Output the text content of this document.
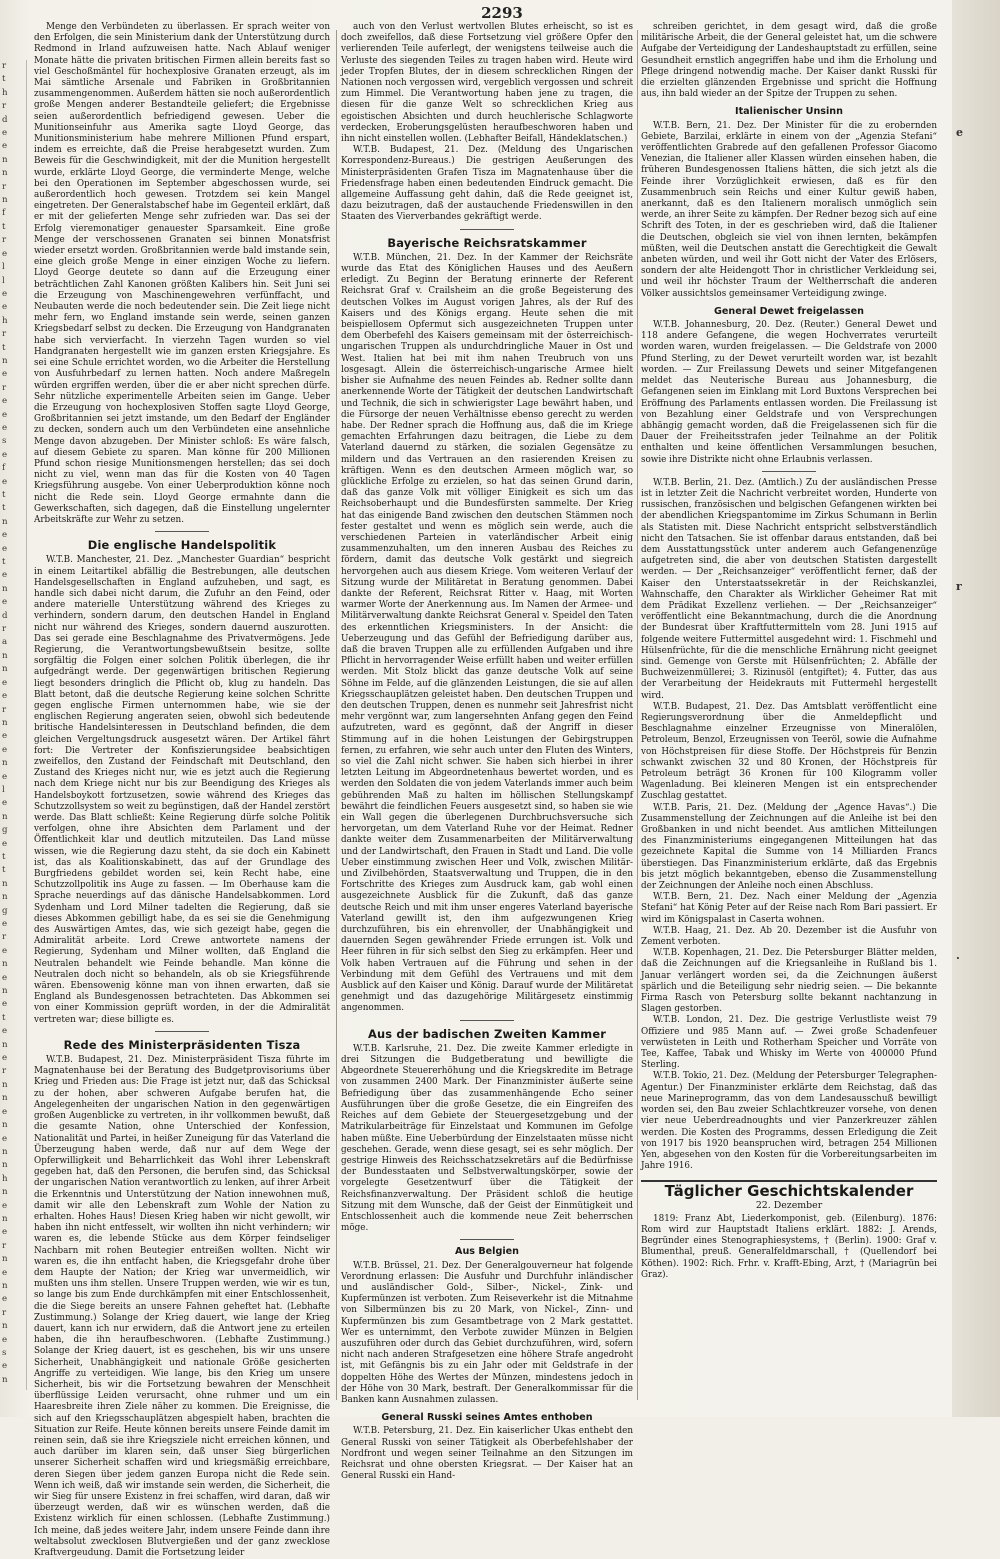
r
t
h
r
d
e
e
n
n
r
n
f
t
r
e
l
l
e
e
h
r
t
n
e
r
e
e
e
s
e
f
e
t
t
n
e
e
t
e
n
e
d
r
a
n
n
e
e
r
n
e
e
n
e
l
e
n
g
e
t
t
n
n
g
e
r
e
n
e
n
e
t
e
n
e
r
n
n
e
n
e
n
n
h
n
e
n
e
r
n
e
n
e
r
n
e
s
e
n
2293

Menge den Verbündeten zu überlassen. Er sprach weiter von den Erfolgen, die sein Ministerium dank der Unterstützung durch Redmond in Irland aufzuweisen hatte. Nach Ablauf weniger Monate hätte die privaten britischen Firmen allein bereits fast so viel Geschoßmäntel für hochexplosive Granaten erzeugt, als im Mai sämtliche Arsenale und Fabriken in Großbritannien zusammengenommen. Außerdem hätten sie noch außerordentlich große Mengen anderer Bestandteile geliefert; die Ergebnisse seien außerordentlich befriedigend gewesen. Ueber die Munitionseinfuhr aus Amerika sagte Lloyd George, das Munitionsministerium habe mehrere Millionen Pfund erspart, indem es erreichte, daß die Preise herabgesetzt wurden. Zum Beweis für die Geschwindigkeit, mit der die Munition hergestellt wurde, erklärte Lloyd George, die verminderte Menge, welche bei den Operationen im September abgeschossen wurde, sei außerordentlich hoch gewesen. Trotzdem sei kein Mangel eingetreten. Der Generalstabschef habe im Gegenteil erklärt, daß er mit der gelieferten Menge sehr zufrieden war. Das sei der Erfolg vieremonatiger genauester Sparsamkeit. Eine große Menge der verschossenen Granaten sei binnen Monatsfrist wieder ersetzt worden. Großbritannien werde bald imstande sein, eine gleich große Menge in einer einzigen Woche zu liefern. Lloyd George deutete so dann auf die Erzeugung einer beträchtlichen Zahl Kanonen größten Kalibers hin. Seit Juni sei die Erzeugung von Maschinengewehren verfünffacht, und Neubauten werde die noch bedeutender sein. Die Zeit liege nicht mehr fern, wo England imstande sein werde, seinen ganzen Kriegsbedarf selbst zu decken. Die Erzeugung von Handgranaten habe sich vervierfacht. In vierzehn Tagen wurden so viel Handgranaten hergestellt wie im ganzen ersten Kriegsjahre. Es sei eine Schule errichtet worden, wo die Arbeiter die Herstellung von Ausfuhrbedarf zu lernen hatten. Noch andere Maßregeln würden ergriffen werden, über die er aber nicht sprechen dürfe. Sehr nützliche experimentelle Arbeiten seien im Gange. Ueber die Erzeugung von hochexplosiven Stoffen sagte Lloyd George, Großbritannien sei jetzt imstande, um den Bedarf der Engländer zu decken, sondern auch um den Verbündeten eine ansehnliche Menge davon abzugeben. Der Minister schloß: Es wäre falsch, auf diesem Gebiete zu sparen. Man könne für 200 Millionen Pfund schon riesige Munitionsmengen herstellen; das sei doch nicht zu viel, wenn man das für die Kosten von 40 Tagen Kriegsführung ausgebe. Von einer Ueberproduktion könne noch nicht die Rede sein. Lloyd George ermahnte dann die Gewerkschaften, sich dagegen, daß die Einstellung ungelernter Arbeitskräfte zur Wehr zu setzen.

Die englische Handelspolitik

W.T.B. Manchester, 21. Dez. „Manchester Guardian“ bespricht in einem Leitartikel abfällig die Bestrebungen, alle deutschen Handelsgesellschaften in England aufzuheben, und sagt, es handle sich dabei nicht darum, die Zufuhr an den Feind, oder andere materielle Unterstützung während des Krieges zu verhindern, sondern darum, den deutschen Handel in England nicht nur während des Krieges, sondern dauernd auszurotten. Das sei gerade eine Beschlagnahme des Privatvermögens. Jede Regierung, die Verantwortungsbewußtsein besitze, sollte sorgfältig die Folgen einer solchen Politik überlegen, die ihr aufgedrängt werde. Der gegenwärtigen britischen Regierung liegt besonders dringlich die Pflicht ob, klug zu handeln. Das Blatt betont, daß die deutsche Regierung keine solchen Schritte gegen englische Firmen unternommen habe, wie sie der englischen Regierung angeraten seien, obwohl sich bedeutende britische Handelsinteressen in Deutschland befinden, die dem gleichen Vergeltungsdruck ausgesetzt wären. Der Artikel fährt fort: Die Vertreter der Konfiszierungsidee beabsichtigen zweifellos, den Zustand der Feindschaft mit Deutschland, den Zustand des Krieges nicht nur, wie es jetzt auch die Regierung nach dem Kriege nicht nur bis zur Beendigung des Krieges als Handelsboykott fortzusetzen, sowie während des Krieges das Schutzzollsystem so weit zu begünstigen, daß der Handel zerstört werde. Das Blatt schließt: Keine Regierung dürfe solche Politik verfolgen, ohne ihre Absichten dem Parlament und der Öffentlichkeit klar und deutlich mitzuteilen. Das Land müsse wissen, wie die Regierung dazu steht, da sie doch ein Kabinett ist, das als Koalitionskabinett, das auf der Grundlage des Burgfriedens gebildet worden sei, kein Recht habe, eine Schutzzollpolitik ins Auge zu fassen. — Im Oberhause kam die Sprache neuerdings auf das dänische Handelsabkommen. Lord Sydenham und Lord Milner tadelten die Regierung, daß sie dieses Abkommen gebilligt habe, da es sei sie die Genehmigung des Auswärtigen Amtes, das, wie sich gezeigt habe, gegen die Admiralität arbeite. Lord Crewe antwortete namens der Regierung, Sydenham und Milner wollten, daß England die Neutralen behandelt wie Feinde behandle. Man könne die Neutralen doch nicht so behandeln, als ob sie Kriegsführende wären. Ebensowenig könne man von ihnen erwarten, daß sie England als Bundesgenossen betrachteten. Das Abkommen sei von einer Kommission geprüft worden, in der die Admiralität vertreten war; diese billigte es.

Rede des Ministerpräsidenten Tisza

W.T.B. Budapest, 21. Dez. Ministerpräsident Tisza führte im Magnatenhause bei der Beratung des Budgetprovisoriums über Krieg und Frieden aus: Die Frage ist jetzt nur, daß das Schicksal zu der hohen, aber schweren Aufgabe berufen hat, die Angelegenheiten der ungarischen Nation in den gegenwärtigen großen Augenblicke zu vertreten, in ihr vollkommen bewußt, daß die gesamte Nation, ohne Unterschied der Konfession, Nationalität und Partei, in heißer Zuneigung für das Vaterland die Überzeugung haben werde, daß nur auf dem Wege der Opferwilligkeit und Beharrlichkeit das Wohl ihrer Lebenskraft gegeben hat, daß den Personen, die berufen sind, das Schicksal der ungarischen Nation verantwortlich zu lenken, auf ihrer Arbeit die Erkenntnis und Unterstützung der Nation innewohnen muß, damit wir alle den Lebenskraft zum Wohle der Nation zu erhalten. Hohes Haus! Diesen Krieg haben wir nicht gewollt, wir haben ihn nicht entfesselt, wir wollten ihn nicht verhindern; wir waren es, die lebende Stücke aus dem Körper feindseliger Nachbarn mit rohen Beutegier entreißen wollten. Nicht wir waren es, die ihn entfacht haben, die Kriegsgefahr drohe über dem Haupte der Nation; der Krieg war unvermeidlich, wir mußten uns ihm stellen. Unsere Truppen werden, wie wir es tun, so lange bis zum Ende durchkämpfen mit einer Entschlossenheit, die die Siege bereits an unsere Fahnen geheftet hat. (Lebhafte Zustimmung.) Solange der Krieg dauert, wie lange der Krieg dauert, kann ich nur erwidern, daß die Antwort jene zu erteilen haben, die ihn heraufbeschworen. (Lebhafte Zustimmung.) Solange der Krieg dauert, ist es geschehen, bis wir uns unsere Sicherheit, Unabhängigkeit und nationale Größe gesicherten Angriffe zu verteidigen. Wie lange, bis den Krieg um unsere Sicherheit, bis wir die Fortsetzung bewahren der Menschheit überflüssige Leiden verursacht, ohne ruhmer und um ein Haaresbreite ihren Ziele näher zu kommen. Die Ereignisse, die sich auf den Kriegsschauplätzen abgespielt haben, brachten die Situation zur Reife. Heute können bereits unsere Feinde damit im reinen sein, daß sie ihre Kriegsziele nicht erreichen können, und auch darüber im klaren sein, daß unser Sieg bürgerlichen unserer Sicherheit schaffen wird und kriegsmäßig erreichbare, deren Siegen über jedem ganzen Europa nicht die Rede sein. Wenn ich weiß, daß wir imstande sein werden, die Sicherheit, die wir Sieg für unsere Existenz in frei schaffen, wird daran, daß wir überzeugt werden, daß wir es wünschen werden, daß die Existenz wirklich für einen schlossen. (Lebhafte Zustimmung.) Ich meine, daß jedes weitere Jahr, indem unsere Feinde dann ihre weltabsolut zwecklosen Blutvergießen und der ganz zwecklose Kraftvergeudung. Damit die Fortsetzung leider

auch von den Verlust wertvollen Blutes erheischt, so ist es doch zweifellos, daß diese Fortsetzung viel größere Opfer den verlierenden Teile auferlegt, der wenigstens teilweise auch die Verluste des siegenden Teiles zu tragen haben wird. Heute wird jeder Tropfen Blutes, der in diesem schrecklichen Ringen der Nationen noch vergossen wird, vergeblich vergossen und schreit zum Himmel. Die Verantwortung haben jene zu tragen, die diesen für die ganze Welt so schrecklichen Krieg aus egoistischen Absichten und durch heuchlerische Schlagworte verdecken, Eroberungsgelüsten heraufbeschworen haben und ihn nicht einstellen wollen. (Lebhafter Beifall, Händeklatschen.)

W.T.B. Budapest, 21. Dez. (Meldung des Ungarischen Korrespondenz-Bureaus.) Die gestrigen Aeußerungen des Ministerpräsidenten Grafen Tisza im Magnatenhause über die Friedensfrage haben einen bedeutenden Eindruck gemacht. Die allgemeine Auffassung geht dahin, daß die Rede geeignet ist, dazu beizutragen, daß der austauchende Friedenswillen in den Staaten des Vierverbandes gekräftigt werde.

Bayerische Reichsratskammer

W.T.B. München, 21. Dez. In der Kammer der Reichsräte wurde das Etat des Königlichen Hauses und des Aeußern erledigt. Zu Beginn der Beratung erinnerte der Referent Reichsrat Graf v. Crailsheim an die große Begeisterung des deutschen Volkes im August vorigen Jahres, als der Ruf des Kaisers und des Königs ergang. Heute sehen die mit beispiellosem Opfermut sich ausgezeichneten Truppen unter dem Oberbefehl des Kaisers gemeinsam mit der österreichisch-ungarischen Truppen als undurchdringliche Mauer in Ost und West. Italien hat bei mit ihm nahen Treubruch von uns losgesagt. Allein die österreichisch-ungarische Armee hielt bisher sie Aufnahme des neuen Feindes ab. Redner sollte dann anerkennende Worte der Tätigkeit der deutschen Landwirtschaft und Technik, die sich in schwierigster Lage bewährt haben, und die Fürsorge der neuen Verhältnisse ebenso gerecht zu werden habe. Der Redner sprach die Hoffnung aus, daß die im Kriege gemachten Erfahrungen dazu beitragen, die Liebe zu dem Vaterland dauernd zu stärken, die sozialen Gegensätze zu mildern und das Vertrauen an den rasierenden Kreisen zu kräftigen. Wenn es den deutschen Armeen möglich war, so glückliche Erfolge zu erzielen, so hat das seinen Grund darin, daß das ganze Volk mit völliger Einigkeit es sich um das Reichsoberhaupt und die Bundesfürsten sammelte. Der Krieg hat das einigende Band zwischen den deutschen Stämmen noch fester gestaltet und wenn es möglich sein werde, auch die verschiedenen Parteien in vaterländischer Arbeit einig zusammenzuhalten, um den inneren Ausbau des Reiches zu fördern, damit das deutsche Volk gestärkt und siegreich hervorgehen auch aus diesem Kriege. Vom weiteren Verlauf der Sitzung wurde der Militäretat in Beratung genommen. Dabei dankte der Referent, Reichsrat Ritter v. Haag, mit Worten warmer Worte der Anerkennung aus. Im Namen der Armee- und Militärverwaltung dankte Reichsrat General v. Speidel den Taten des erkenntlichen Kriegsministers. In der Ansicht: die Ueberzeugung und das Gefühl der Befriedigung darüber aus, daß die braven Truppen alle zu erfüllenden Aufgaben und ihre Pflicht in hervorragender Weise erfüllt haben und weiter erfüllen werden. Mit Stolz blickt das ganze deutsche Volk auf seine Söhne im Felde, auf die glänzenden Leistungen, die sie auf allen Kriegsschauplätzen geleistet haben. Den deutschen Truppen und den deutschen Truppen, denen es nunmehr seit Jahresfrist nicht mehr vergönnt war, zum langersehnten Anfang gegen den Feind aufzutreten, ward es gegönnt, daß der Angriff in dieser Stimmung auf in die hohen Leistungen der Gebirgstruppen fernen, zu erfahren, wie sehr auch unter den Fluten des Winters, so viel die Zahl nicht schwer. Sie haben sich hierbei in ihrer letzten Leitung im Abgeordnetenhaus bewertet worden, und es werden den Soldaten die von jedem Vaterlands immer auch beim gebührenden Maß zu halten im höllischen Stellungskampf bewährt die feindlichen Feuers ausgesetzt sind, so haben sie wie ein Wall gegen die überlegenen Durchbruchsversuche sich hervorgetan, um dem Vaterland Ruhe vor der Heimat. Redner dankte weiter dem Zusammenarbeiten der Militärverwaltung und der Landwirtschaft, den Frauen in Stadt und Land. Die volle Ueber einstimmung zwischen Heer und Volk, zwischen Militär- und Zivilbehörden, Staatsverwaltung und Truppen, die in den Fortschritte des Krieges zum Ausdruck kam, gab wohl einen ausgezeichnete Ausblick für die Zukunft, daß das ganze deutsche Reich und mit ihm unser engeres Vaterland bayerische Vaterland gewillt ist, den ihm aufgezwungenen Krieg durchzuführen, bis ein ehrenvoller, der Unabhängigkeit und dauernden Segen gewährender Friede errungen ist. Volk und Heer führen in für sich selbst den Sieg zu erkämpfen. Heer und Volk haben Vertrauen auf die Führung und sehen in der Verbindung mit dem Gefühl des Vertrauens und mit dem Ausblick auf den Kaiser und König. Darauf wurde der Militäretat genehmigt und das dazugehörige Militärgesetz einstimmig angenommen.

Aus der badischen Zweiten Kammer

W.T.B. Karlsruhe, 21. Dez. Die zweite Kammer erledigte in drei Sitzungen die Budgetberatung und bewilligte die Abgeordnete Steuererhöhung und die Kriegskredite im Betrage von zusammen 2400 Mark. Der Finanzminister äußerte seine Befriedigung über das zusammenhängende Echo seiner Ausführungen über die große Gesetze, die ein Eingreifen des Reiches auf dem Gebiete der Steuergesetzgebung und der Matrikularbeiträge für Einzelstaat und Kommunen im Gefolge haben müßte. Eine Ueberbürdung der Einzelstaaten müsse nicht geschehen. Gerade, wenn diese gesagt, sei es sehr möglich. Der gestrige Hinweis des Reichsschatzsekretärs auf die Bedürfnisse der Bundesstaaten und Selbstverwaltungskörper, sowie der vorgelegte Gesetzentwurf über die Tätigkeit der Reichsfinanzverwaltung. Der Präsident schloß die heutige Sitzung mit dem Wunsche, daß der Geist der Einmütigkeit und Entschlossenheit auch die kommende neue Zeit beherrschen möge.

Aus Belgien

W.T.B. Brüssel, 21. Dez. Der Generalgouverneur hat folgende Verordnung erlassen: Die Ausfuhr und Durchfuhr inländischer und ausländischer Gold-, Silber-, Nickel-, Zink- und Kupfermünzen ist verboten. Zum Reiseverkehr ist die Mitnahme von Silbermünzen bis zu 20 Mark, von Nickel-, Zinn- und Kupfermünzen bis zum Gesamtbetrage von 2 Mark gestattet. Wer es unternimmt, den Verbote zuwider Münzen in Belgien auszuführen oder durch das Gebiet durchzuführen, wird, sofern nicht nach anderen Strafgesetzen eine höhere Strafe angedroht ist, mit Gefängnis bis zu ein Jahr oder mit Geldstrafe in der doppelten Höhe des Wertes der Münzen, mindestens jedoch in der Höhe von 30 Mark, bestraft. Der Generalkommissar für die Banken kann Ausnahmen zulassen.

General Russki seines Amtes enthoben

W.T.B. Petersburg, 21. Dez. Ein kaiserlicher Ukas enthebt den General Russki von seiner Tätigkeit als Oberbefehlshaber der Nordfront und wegen seiner Teilnahme an den Sitzungen im Reichsrat und ohne obersten Kriegsrat. — Der Kaiser hat an General Russki ein Hand-

schreiben gerichtet, in dem gesagt wird, daß die große militärische Arbeit, die der General geleistet hat, um die schwere Aufgabe der Verteidigung der Landeshauptstadt zu erfüllen, seine Gesundheit ernstlich angegriffen habe und ihm die Erholung und Pflege dringend notwendig mache. Der Kaiser dankt Russki für die erzielten glänzenden Ergebnisse und spricht die Hoffnung aus, ihn bald wieder an der Spitze der Truppen zu sehen.

Italienischer Unsinn

W.T.B. Bern, 21. Dez. Der Minister für die zu erobernden Gebiete, Barzilai, erklärte in einem von der „Agenzia Stefani“ veröffentlichten Grabrede auf den gefallenen Professor Giacomo Venezian, die Italiener aller Klassen würden einsehen haben, die früheren Bundesgenossen Italiens hätten, die sich jetzt als die Feinde ihrer Vorzüglichkeit erwiesen, daß es für den Zusammenbruch sein Reichs und einer Kultur gewiß haben, anerkannt, daß es den Italienern moralisch unmöglich sein werde, an ihrer Seite zu kämpfen. Der Redner bezog sich auf eine Schrift des Toten, in der es geschrieben wird, daß die Italiener die Deutschen, obgleich sie viel von ihnen lernten, bekämpfen müßten, weil die Deutschen anstatt die Gerechtigkeit die Gewalt anbeten würden, und weil ihr Gott nicht der Vater des Erlösers, sondern der alte Heidengott Thor in christlicher Verkleidung sei, und weil ihr höchster Traum der Weltherrschaft die anderen Völker aussichtslos gemeinsamer Verteidigung zwinge.

General Dewet freigelassen

W.T.B. Johannesburg, 20. Dez. (Reuter.) General Dewet und 118 andere Gefangene, die wegen Hochverrates verurteilt worden waren, wurden freigelassen. — Die Geldstrafe von 2000 Pfund Sterling, zu der Dewet verurteilt worden war, ist bezahlt worden. — Zur Freilassung Dewets und seiner Mitgefangenen meldet das Neuterische Bureau aus Johannesburg, die Gefangenen seien im Einklang mit Lord Buxtons Versprechen bei Eröffnung des Parlaments entlassen worden. Die Freilassung ist von Bezahlung einer Geldstrafe und von Versprechungen abhängig gemacht worden, daß die Freigelassenen sich für die Dauer der Freiheitsstrafen jeder Teilnahme an der Politik enthalten und keine öffentlichen Versammlungen besuchen, sowie ihre Distrikte nicht ohne Erlaubnis verlassen.

W.T.B. Berlin, 21. Dez. (Amtlich.) Zu der ausländischen Presse ist in letzter Zeit die Nachricht verbreitet worden, Hunderte von russischen, französischen und belgischen Gefangenen wirkten bei der abendlichen Kriegspantomime im Zirkus Schumann in Berlin als Statisten mit. Diese Nachricht entspricht selbstverständlich nicht den Tatsachen. Sie ist offenbar daraus entstanden, daß bei dem Ausstattungsstück unter anderem auch Gefangenenzüge aufgetreten sind, die aber von deutschen Statisten dargestellt werden. — Der „Reichsanzeiger“ veröffentlicht ferner, daß der Kaiser den Unterstaatssekretär in der Reichskanzlei, Wahnschaffe, den Charakter als Wirklicher Geheimer Rat mit dem Prädikat Exzellenz verliehen. — Der „Reichsanzeiger“ veröffentlicht eine Bekanntmachung, durch die die Anordnung der Bundesrat über Kraftfuttermitteln vom 28. Juni 1915 auf folgende weitere Futtermittel ausgedehnt wird: 1. Fischmehl und Hülsenfrüchte, für die die menschliche Ernährung nicht geeignet sind. Gemenge von Gerste mit Hülsenfrüchten; 2. Abfälle der Buchweizenmüllerei; 3. Rizinusöl (entgiftet); 4. Futter, das aus der Verarbeitung der Heidekrauts mit Futtermehl hergestellt wird.

W.T.B. Budapest, 21. Dez. Das Amtsblatt veröffentlicht eine Regierungsverordnung über die Anmeldepflicht und Beschlagnahme einzelner Erzeugnisse von Mineralölen, Petroleum, Benzol, Erzeugnissen von Teeröl, sowie die Aufnahme von Höchstpreisen für diese Stoffe. Der Höchstpreis für Benzin schwankt zwischen 32 und 80 Kronen, der Höchstpreis für Petroleum beträgt 36 Kronen für 100 Kilogramm voller Wagenladung. Bei kleineren Mengen ist ein entsprechender Zuschlag gestattet.

W.T.B. Paris, 21. Dez. (Meldung der „Agence Havas“.) Die Zusammenstellung der Zeichnungen auf die Anleihe ist bei den Großbanken in und nicht beendet. Aus amtlichen Mitteilungen des Finanzministeriums eingegangenen Mitteilungen hat das gezeichnete Kapital die Summe von 14 Milliarden Francs überstiegen. Das Finanzministerium erklärte, daß das Ergebnis bis jetzt möglich bekanntgeben, ebenso die Zusammenstellung der Zeichnungen der Anleihe noch einen Abschluss.

W.T.B. Bern, 21. Dez. Nach einer Meldung der „Agenzia Stefani“ hat König Peter auf der Reise nach Rom Bari passiert. Er wird im Königspalast in Caserta wohnen.

W.T.B. Haag, 21. Dez. Ab 20. Dezember ist die Ausfuhr von Zement verboten.

W.T.B. Kopenhagen, 21. Dez. Die Petersburger Blätter melden, daß die Zeichnungen auf die Kriegsanleihe in Rußland bis 1. Januar verlängert worden sei, da die Zeichnungen äußerst spärlich und die Beteiligung sehr niedrig seien. — Die bekannte Firma Rasch von Petersburg sollte bekannt nachtanzung in Slagen gestorben.

W.T.B. London, 21. Dez. Die gestrige Verlustliste weist 79 Offiziere und 985 Mann auf. — Zwei große Schadenfeuer verwüsteten in Leith und Rotherham Speicher und Vorräte von Tee, Kaffee, Tabak und Whisky im Werte von 400000 Pfund Sterling.

W.T.B. Tokio, 21. Dez. (Meldung der Petersburger Telegraphen-Agentur.) Der Finanzminister erklärte dem Reichstag, daß das neue Marineprogramm, das von dem Landesausschuß bewilligt worden sei, den Bau zweier Schlachtkreuzer vorsehe, von denen vier neue Ueberdreadnoughts und vier Panzerkreuzer zählen werden. Die Kosten des Programms, dessen Erledigung die Zeit von 1917 bis 1920 beanspruchen wird, betragen 254 Millionen Yen, abgesehen von den Kosten für die Vorbereitungsarbeiten im Jahre 1916.

Täglicher Geschichtskalender
22. Dezember

1819: Franz Abt, Liederkomponist, geb. (Eilenburg). 1876: Rom wird zur Hauptstadt Italiens erklärt. 1882: J. Arends, Begründer eines Stenographiesystems, † (Berlin). 1900: Graf v. Blumenthal, preuß. Generalfeldmarschall, † (Quellendorf bei Köthen). 1902: Rich. Frhr. v. Krafft-Ebing, Arzt, † (Mariagrün bei Graz).

e
r
·
